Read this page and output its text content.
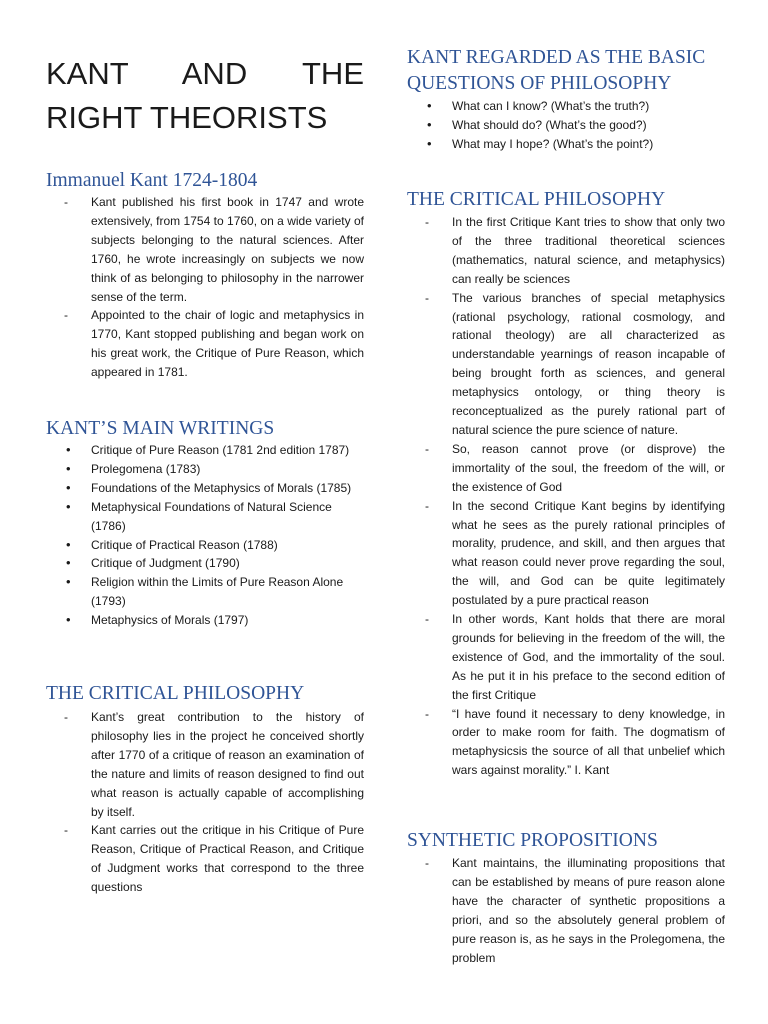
KANT AND THE RIGHT THEORISTS
Immanuel Kant 1724-1804
- Kant published his first book in 1747 and wrote extensively, from 1754 to 1760, on a wide variety of subjects belonging to the natural sciences. After 1760, he wrote increasingly on subjects we now think of as belonging to philosophy in the narrower sense of the term.
- Appointed to the chair of logic and metaphysics in 1770, Kant stopped publishing and began work on his great work, the Critique of Pure Reason, which appeared in 1781.
KANT’S MAIN WRITINGS
• Critique of Pure Reason (1781 2nd edition 1787)
• Prolegomena (1783)
• Foundations of the Metaphysics of Morals (1785)
• Metaphysical Foundations of Natural Science (1786)
• Critique of Practical Reason (1788)
• Critique of Judgment (1790)
• Religion within the Limits of Pure Reason Alone (1793)
• Metaphysics of Morals (1797)
THE CRITICAL PHILOSOPHY
- Kant’s great contribution to the history of philosophy lies in the project he conceived shortly after 1770 of a critique of reason an examination of the nature and limits of reason designed to find out what reason is actually capable of accomplishing by itself.
- Kant carries out the critique in his Critique of Pure Reason, Critique of Practical Reason, and Critique of Judgment works that correspond to the three questions
KANT REGARDED AS THE BASIC QUESTIONS OF PHILOSOPHY
• What can I know? (What’s the truth?)
• What should do? (What’s the good?)
• What may I hope? (What’s the point?)
THE CRITICAL PHILOSOPHY
- In the first Critique Kant tries to show that only two of the three traditional theoretical sciences (mathematics, natural science, and metaphysics) can really be sciences
- The various branches of special metaphysics (rational psychology, rational cosmology, and rational theology) are all characterized as understandable yearnings of reason incapable of being brought forth as sciences, and general metaphysics ontology, or thing theory is reconceptualized as the purely rational part of natural science the pure science of nature.
- So, reason cannot prove (or disprove) the immortality of the soul, the freedom of the will, or the existence of God
- In the second Critique Kant begins by identifying what he sees as the purely rational principles of morality, prudence, and skill, and then argues that what reason could never prove regarding the soul, the will, and God can be quite legitimately postulated by a pure practical reason
- In other words, Kant holds that there are moral grounds for believing in the freedom of the will, the existence of God, and the immortality of the soul. As he put it in his preface to the second edition of the first Critique
- “I have found it necessary to deny knowledge, in order to make room for faith. The dogmatism of metaphysicsis the source of all that unbelief which wars against morality.” I. Kant
SYNTHETIC PROPOSITIONS
- Kant maintains, the illuminating propositions that can be established by means of pure reason alone have the character of synthetic propositions a priori, and so the absolutely general problem of pure reason is, as he says in the Prolegomena, the problem
